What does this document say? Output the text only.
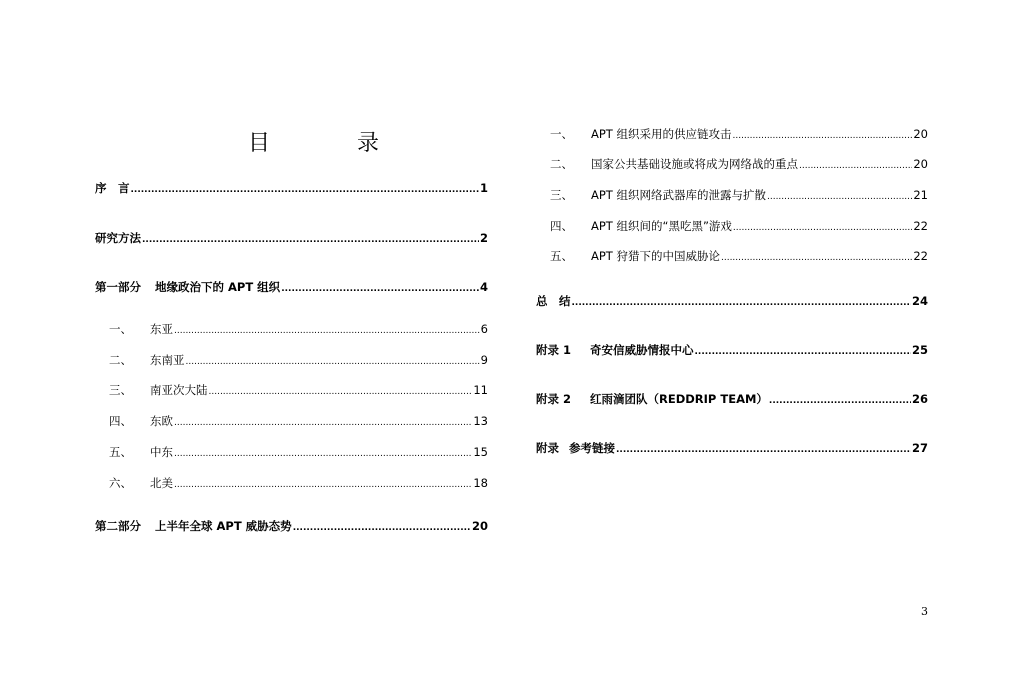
目 录
序　言 .....	1
研究方法 .....	2
第一部分 地缘政治下的 APT 组织 .....	4
一、	东亚 .....	6
二、	东南亚 .....	9
三、	南亚次大陆 .....	11
四、	东欧 .....	13
五、	中东 .....	15
六、	北美 .....	18
第二部分 上半年全球 APT 威胁态势 .....	20
一、	APT 组织采用的供应链攻击 .....	20
二、	国家公共基础设施或将成为网络战的重点 .....	20
三、	APT 组织网络武器库的泄露与扩散 .....	21
四、	APT 组织间的“黑吃黑”游戏 .....	22
五、	APT 狩猎下的中国威胁论 .....	22
总　结 .....	24
附录 1	奇安信威胁情报中心 .....	25
附录 2	红雨滴团队（REDDRIP TEAM） .....	26
附录 参考链接 .....	27
3
